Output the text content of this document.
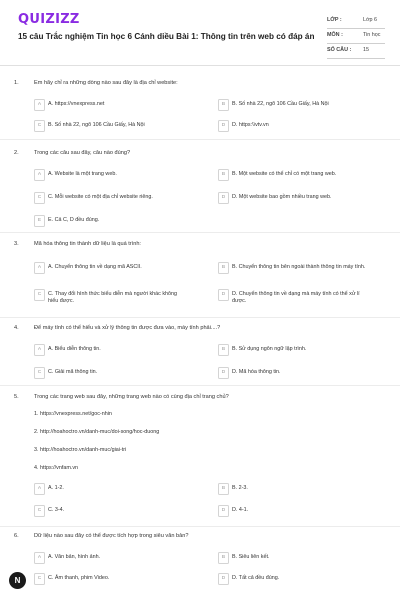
QUIZIZZ
15 câu Trắc nghiệm Tin học 6 Cánh diều Bài 1: Thông tin trên web có đáp án
LỚP :	Lớp 6
MÔN :	Tin học
SỐ CÂU : 15
1.	Em hãy chỉ ra những dòng nào sau đây là địa chỉ website:
A	A. https://vnexpress.net	B	B. Số nhà 22, ngõ 106 Cầu Giấy, Hà Nội
C	B. Số nhà 22, ngõ 106 Cầu Giấy, Hà Nội	D	D. https:\\vtv.vn
2.	Trong các câu sau đây, câu nào đúng?
A	A. Website là một trang web.	B	B. Một website có thể chỉ có một trang web.
C	C. Mỗi website có một địa chỉ website riêng.	D	D. Một website bao gồm nhiều trang web.
E	E. Cả C, D đều đúng.
3.	Mã hóa thông tin thành dữ liệu là quá trình:
A	A. Chuyển thông tin về dạng mã ASCII.	B	B. Chuyển thông tin bên ngoài thành thông tin máy tính.
C	C. Thay đổi hình thức biểu diễn mà người khác không hiểu được.
D	D. Chuyển thông tin về dạng mà máy tính có thể xử lí được.
4.	Để máy tính có thể hiểu và xử lý thông tin được đưa vào, máy tính phải....?
A	A. Biểu diễn thông tin.	B	B. Sử dụng ngôn ngữ lập trình.
C	C. Giải mã thông tin.	D	D. Mã hóa thông tin.
5.	Trong các trang web sau đây, những trang web nào có cùng địa chỉ trang chủ?
1. https://vnexpress.net/goc-nhin
2. http://hoahoctro.vn/danh-muc/doi-song/hoc-duong
3. http://hoahoctro.vn/danh-muc/giai-tri
4. https://vnfam.vn
A	A. 1-2.	B	B. 2-3.
C	C. 3-4.	D	D. 4-1.
6.	Dữ liệu nào sau đây có thể được tích hợp trong siêu văn bản?
A	A. Văn bản, hình ảnh.	B	B. Siêu liên kết.
C	C. Âm thanh, phim Video.	D	D. Tất cả đều đúng.
N
